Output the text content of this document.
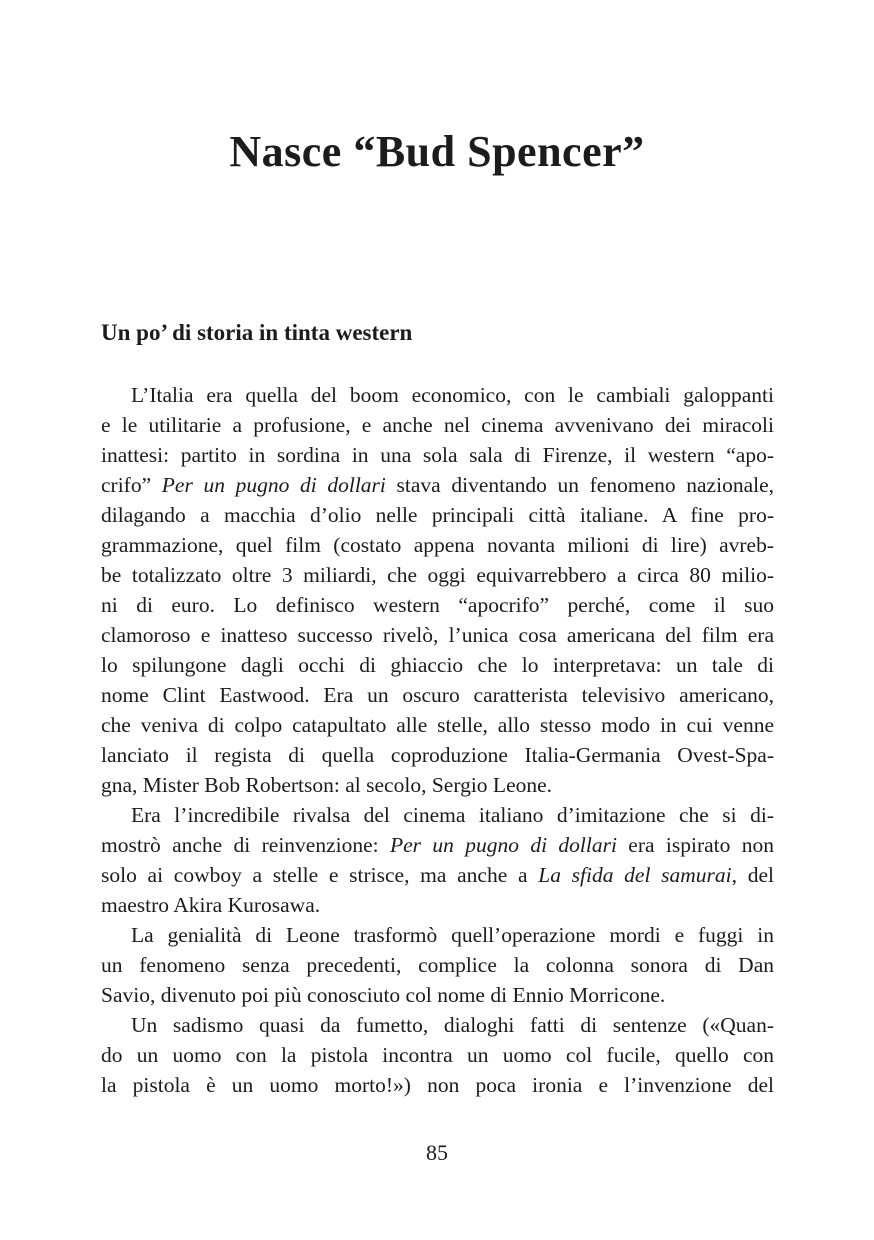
Nasce “Bud Spencer”
Un po’ di storia in tinta western
L’Italia era quella del boom economico, con le cambiali galoppanti
e le utilitarie a profusione, e anche nel cinema avvenivano dei miracoli
inattesi: partito in sordina in una sola sala di Firenze, il western “apo-
crifo” Per un pugno di dollari stava diventando un fenomeno nazionale,
dilagando a macchia d’olio nelle principali città italiane. A fine pro-
grammazione, quel film (costato appena novanta milioni di lire) avreb-
be totalizzato oltre 3 miliardi, che oggi equivarrebbero a circa 80 milio-
ni di euro. Lo definisco western “apocrifo” perché, come il suo
clamoroso e inatteso successo rivelò, l’unica cosa americana del film era
lo spilungone dagli occhi di ghiaccio che lo interpretava: un tale di
nome Clint Eastwood. Era un oscuro caratterista televisivo americano,
che veniva di colpo catapultato alle stelle, allo stesso modo in cui venne
lanciato il regista di quella coproduzione Italia-Germania Ovest-Spa-
gna, Mister Bob Robertson: al secolo, Sergio Leone.
Era l’incredibile rivalsa del cinema italiano d’imitazione che si di-
mostrò anche di reinvenzione: Per un pugno di dollari era ispirato non
solo ai cowboy a stelle e strisce, ma anche a La sfida del samurai, del
maestro Akira Kurosawa.
La genialità di Leone trasformò quell’operazione mordi e fuggi in
un fenomeno senza precedenti, complice la colonna sonora di Dan
Savio, divenuto poi più conosciuto col nome di Ennio Morricone.
Un sadismo quasi da fumetto, dialoghi fatti di sentenze («Quan-
do un uomo con la pistola incontra un uomo col fucile, quello con
la pistola è un uomo morto!») non poca ironia e l’invenzione del
85
